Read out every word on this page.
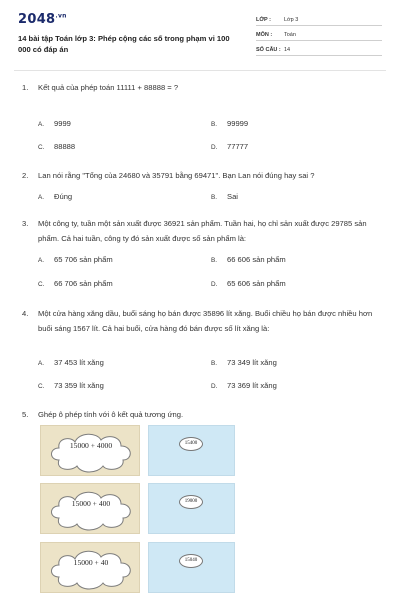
$2048^{.vn}$
14 bài tập Toán lớp 3: Phép cộng các số trong phạm vi 100 000 có đáp án
LỚP : Lớp 3
MÔN : Toán
SỐ CÂU : 14
1. Kết quả của phép toán 11111 + 88888 = ?
A. 9999	B. 99999
C. 88888	D. 77777
2. Lan nói rằng "Tổng của 24680 và 35791 bằng 69471". Bạn Lan nói đúng hay sai ?
A. Đúng	B. Sai
3. Một công ty, tuần một sản xuất được 36921 sản phẩm. Tuần hai, họ chỉ sản xuất được 29785 sản phẩm. Cả hai tuần, công ty đó sản xuất được số sản phẩm là:
A. 65 706 sản phẩm	B. 66 606 sản phẩm
C. 66 706 sản phẩm	D. 65 606 sản phẩm
4. Một cửa hàng xăng dầu, buổi sáng họ bán được 35896 lít xăng. Buổi chiều họ bán được nhiều hơn buổi sáng 1567 lít. Cả hai buổi, cửa hàng đó bán được số lít xăng là:
A. 37 453 lít xăng	B. 73 349 lít xăng
C. 73 359 lít xăng	D. 73 369 lít xăng
5. Ghép ô phép tính với ô kết quả tương ứng.
15000 + 4000	15400
15000 + 400	19000
15000 + 40	15040
